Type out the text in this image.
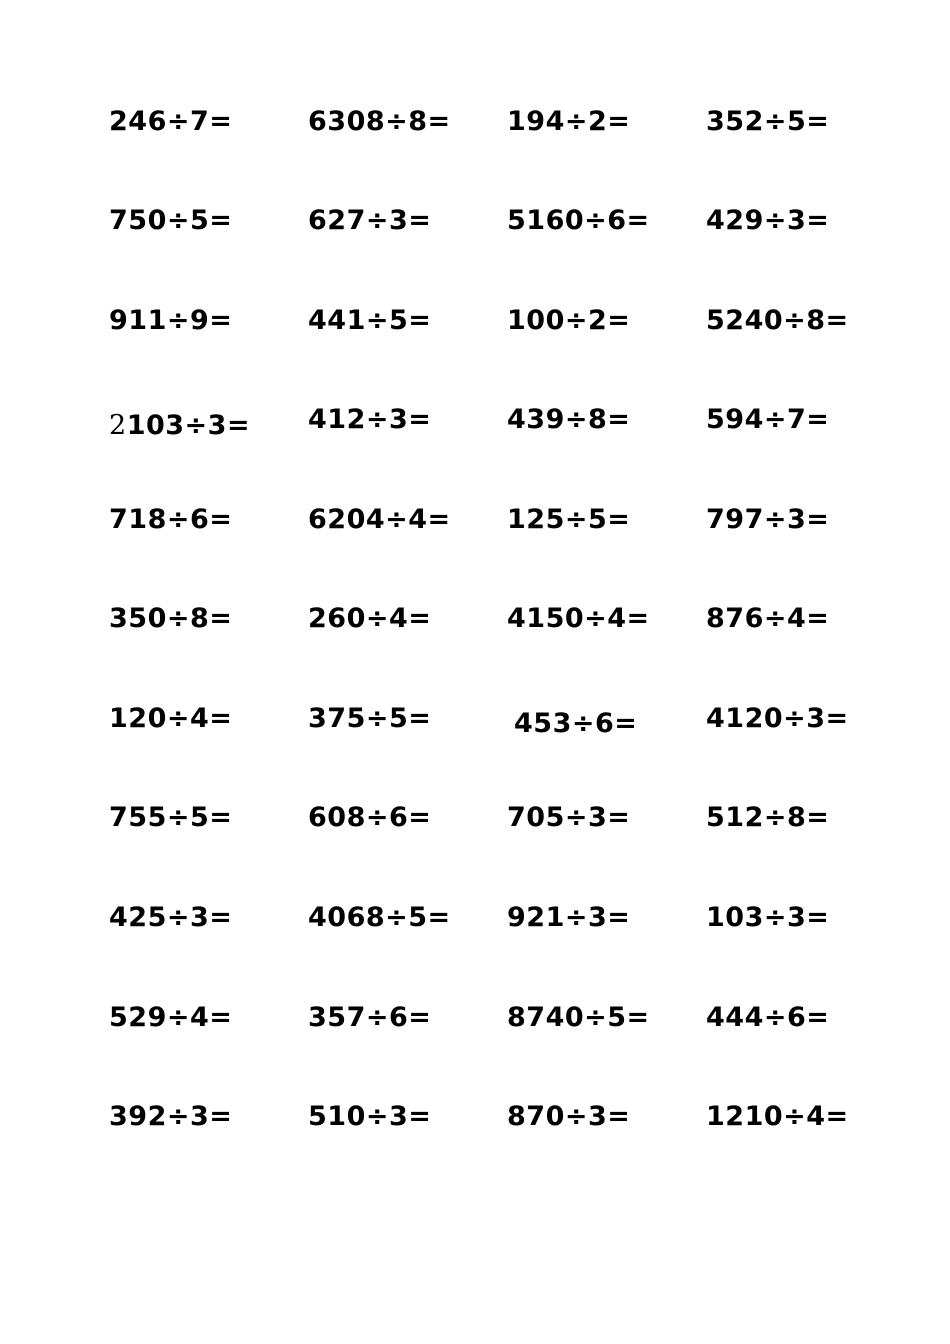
246÷7=	6308÷8= 194÷2=	352÷5=
750÷5=	627÷3=	5160÷6= 429÷3=
911÷9=	441÷5=	100÷2=	5240÷8=
2103÷3= 412÷3=	439÷8=	594÷7=
718÷6=	6204÷4= 125÷5=	797÷3=
350÷8=	260÷4=	4150÷4= 876÷4=
120÷4=	375÷5=	453÷6=	4120÷3=
755÷5=	608÷6=	705÷3=	512÷8=
425÷3=	4068÷5= 921÷3=	103÷3=
529÷4=	357÷6=	8740÷5= 444÷6=
392÷3=	510÷3=	870÷3=	1210÷4=
